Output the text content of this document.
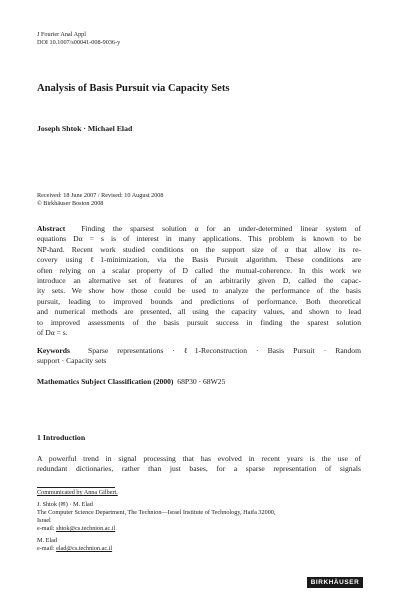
J Fourier Anal Appl
DOI 10.1007/s00041-008-9036-y
Analysis of Basis Pursuit via Capacity Sets
Joseph Shtok · Michael Elad
Received: 18 June 2007 / Revised: 10 August 2008
© Birkhäuser Boston 2008
Abstract Finding the sparsest solution α for an under-determined linear system of
equations Dα = s is of interest in many applications. This problem is known to be
NP-hard. Recent work studied conditions on the support size of α that allow its re-
covery using ℓ1-minimization, via the Basis Pursuit algorithm. These conditions are
often relying on a scalar property of D called the mutual-coherence. In this work we
introduce an alternative set of features of an arbitrarily given D, called the capac-
ity sets. We show how those could be used to analyze the performance of the basis
pursuit, leading to improved bounds and predictions of performance. Both theoretical
and numerical methods are presented, all using the capacity values, and shown to lead
to improved assessments of the basis pursuit success in finding the sparest solution
of Dα = s.
Keywords Sparse representations · ℓ1-Reconstruction · Basis Pursuit · Random
support · Capacity sets
Mathematics Subject Classification (2000) 68P30 · 68W25
1 Introduction
A powerful trend in signal processing that has evolved in recent years is the use of
redundant dictionaries, rather than just bases, for a sparse representation of signals
Communicated by Anna Gilbert.
J. Shtok (✉) · M. Elad
The Computer Science Department, The Technion—Israel Institute of Technology, Haifa 32000,
Israel
e-mail: shtok@cs.technion.ac.il
M. Elad
e-mail: elad@cs.technion.ac.il
BIRKHÄUSER
